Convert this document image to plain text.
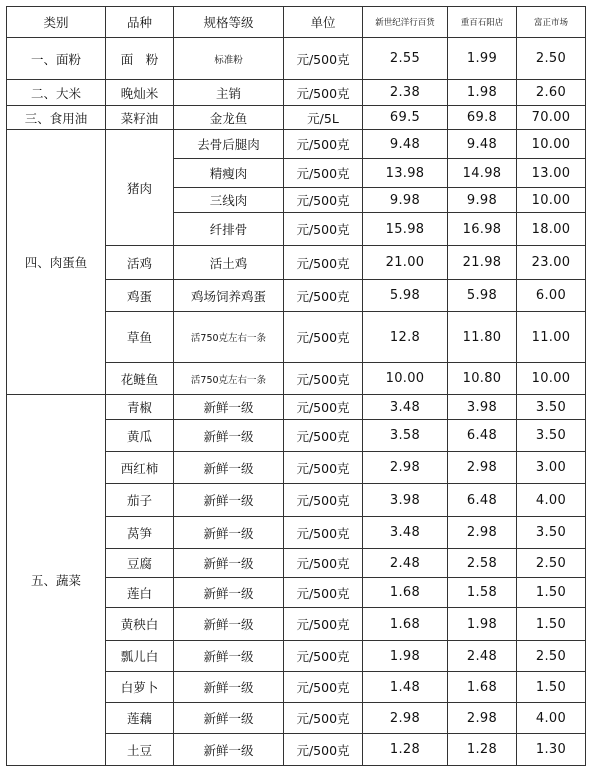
类别	品种	规格等级	单位	新世纪洋行百货	重百石阳店	富正市场
一、面粉	面　粉	标准粉	元/500克	2.55	1.99	2.50
二、大米	晚灿米	主销	元/500克	2.38	1.98	2.60
三、食用油	菜籽油	金龙鱼	元/5L	69.5	69.8	70.00
四、肉蛋鱼	猪肉	去骨后腿肉	元/500克	9.48	9.48	10.00
		精瘦肉	元/500克	13.98	14.98	13.00
		三线肉	元/500克	9.98	9.98	10.00
		纤排骨	元/500克	15.98	16.98	18.00
	活鸡	活土鸡	元/500克	21.00	21.98	23.00
	鸡蛋	鸡场饲养鸡蛋	元/500克	5.98	5.98	6.00
	草鱼	活750克左右一条	元/500克	12.8	11.80	11.00
	花鲢鱼	活750克左右一条	元/500克	10.00	10.80	10.00
五、蔬菜	青椒	新鲜一级	元/500克	3.48	3.98	3.50
	黄瓜	新鲜一级	元/500克	3.58	6.48	3.50
	西红柿	新鲜一级	元/500克	2.98	2.98	3.00
	茄子	新鲜一级	元/500克	3.98	6.48	4.00
	莴笋	新鲜一级	元/500克	3.48	2.98	3.50
	豆腐	新鲜一级	元/500克	2.48	2.58	2.50
	莲白	新鲜一级	元/500克	1.68	1.58	1.50
	黄秧白	新鲜一级	元/500克	1.68	1.98	1.50
	瓢儿白	新鲜一级	元/500克	1.98	2.48	2.50
	白萝卜	新鲜一级	元/500克	1.48	1.68	1.50
	莲藕	新鲜一级	元/500克	2.98	2.98	4.00
	土豆	新鲜一级	元/500克	1.28	1.28	1.30
